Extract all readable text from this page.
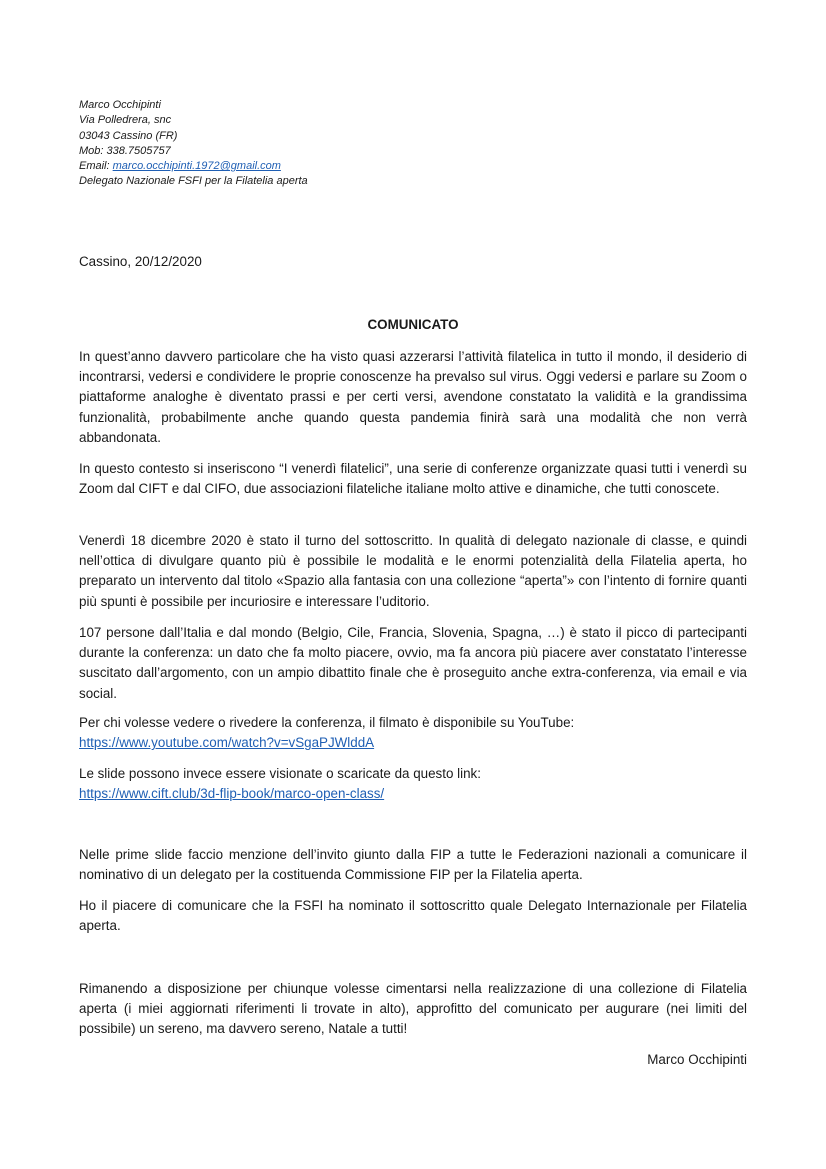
Marco Occhipinti
Via Polledrera, snc
03043 Cassino (FR)
Mob: 338.7505757
Email: marco.occhipinti.1972@gmail.com
Delegato Nazionale FSFI per la Filatelia aperta
Cassino, 20/12/2020
COMUNICATO

In quest’anno davvero particolare che ha visto quasi azzerarsi l’attività filatelica in tutto il mondo, il desiderio di incontrarsi, vedersi e condividere le proprie conoscenze ha prevalso sul virus. Oggi vedersi e parlare su Zoom o piattaforme analoghe è diventato prassi e per certi versi, avendone constatato la validità e la grandissima funzionalità, probabilmente anche quando questa pandemia finirà sarà una modalità che non verrà abbandonata.

In questo contesto si inseriscono “I venerdì filatelici”, una serie di conferenze organizzate quasi tutti i venerdì su Zoom dal CIFT e dal CIFO, due associazioni filateliche italiane molto attive e dinamiche, che tutti conoscete.

Venerdì 18 dicembre 2020 è stato il turno del sottoscritto. In qualità di delegato nazionale di classe, e quindi nell’ottica di divulgare quanto più è possibile le modalità e le enormi potenzialità della Filatelia aperta, ho preparato un intervento dal titolo «Spazio alla fantasia con una collezione “aperta”» con l’intento di fornire quanti più spunti è possibile per incuriosire e interessare l’uditorio.

107 persone dall’Italia e dal mondo (Belgio, Cile, Francia, Slovenia, Spagna, …) è stato il picco di partecipanti durante la conferenza: un dato che fa molto piacere, ovvio, ma fa ancora più piacere aver constatato l’interesse suscitato dall’argomento, con un ampio dibattito finale che è proseguito anche extra-conferenza, via email e via social.

Per chi volesse vedere o rivedere la conferenza, il filmato è disponibile su YouTube:

https://www.youtube.com/watch?v=vSgaPJWlddA

Le slide possono invece essere visionate o scaricate da questo link:

https://www.cift.club/3d-flip-book/marco-open-class/

Nelle prime slide faccio menzione dell’invito giunto dalla FIP a tutte le Federazioni nazionali a comunicare il nominativo di un delegato per la costituenda Commissione FIP per la Filatelia aperta.

Ho il piacere di comunicare che la FSFI ha nominato il sottoscritto quale Delegato Internazionale per Filatelia aperta.

Rimanendo a disposizione per chiunque volesse cimentarsi nella realizzazione di una collezione di Filatelia aperta (i miei aggiornati riferimenti li trovate in alto), approfitto del comunicato per augurare (nei limiti del possibile) un sereno, ma davvero sereno, Natale a tutti!

Marco Occhipinti
